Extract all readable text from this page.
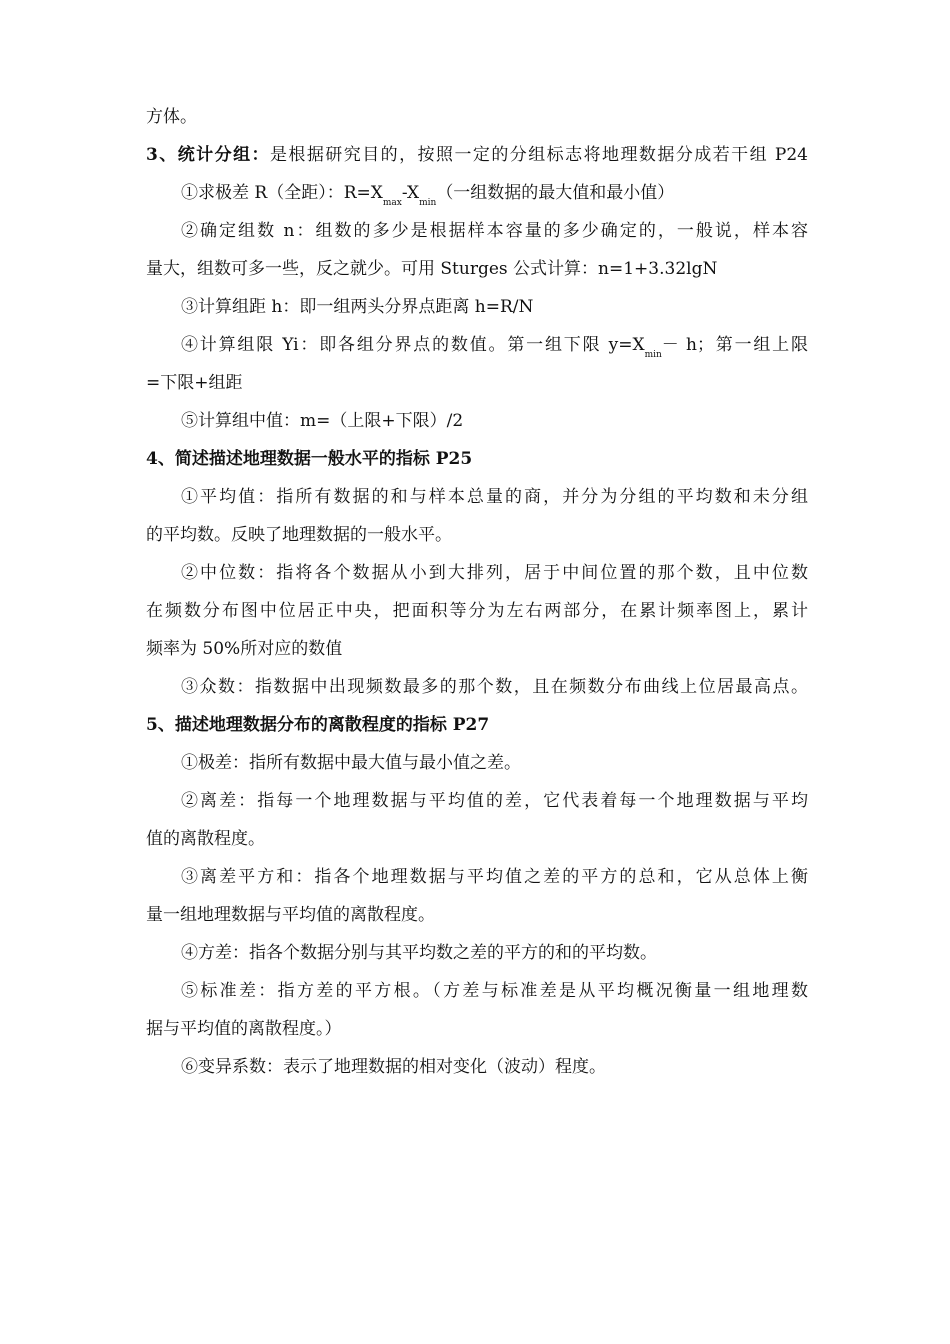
方体。

3、统计分组：是根据研究目的，按照一定的分组标志将地理数据分成若干组 P24

①求极差 R（全距）：$R=X_{max}-X_{min}$（一组数据的最大值和最小值）

②确定组数 n：组数的多少是根据样本容量的多少确定的，一般说，样本容

量大，组数可多一些，反之就少。可用 Sturges 公式计算：n=1+3.32lgN

③计算组距 h：即一组两头分界点距离 h=R/N

④计算组限 Yi：即各组分界点的数值。第一组下限 $y=X_{min}- h$；第一组上限

=下限+组距

⑤计算组中值：m=（上限+下限）/2

4、简述描述地理数据一般水平的指标 P25

①平均值：指所有数据的和与样本总量的商，并分为分组的平均数和未分组

的平均数。反映了地理数据的一般水平。

②中位数：指将各个数据从小到大排列，居于中间位置的那个数，且中位数

在频数分布图中位居正中央，把面积等分为左右两部分，在累计频率图上，累计

频率为 50%所对应的数值

③众数：指数据中出现频数最多的那个数，且在频数分布曲线上位居最高点。

5、描述地理数据分布的离散程度的指标 P27

①极差：指所有数据中最大值与最小值之差。

②离差：指每一个地理数据与平均值的差，它代表着每一个地理数据与平均

值的离散程度。

③离差平方和：指各个地理数据与平均值之差的平方的总和，它从总体上衡

量一组地理数据与平均值的离散程度。

④方差：指各个数据分别与其平均数之差的平方的和的平均数。

⑤标准差：指方差的平方根。（方差与标准差是从平均概况衡量一组地理数

据与平均值的离散程度。）

⑥变异系数：表示了地理数据的相对变化（波动）程度。
